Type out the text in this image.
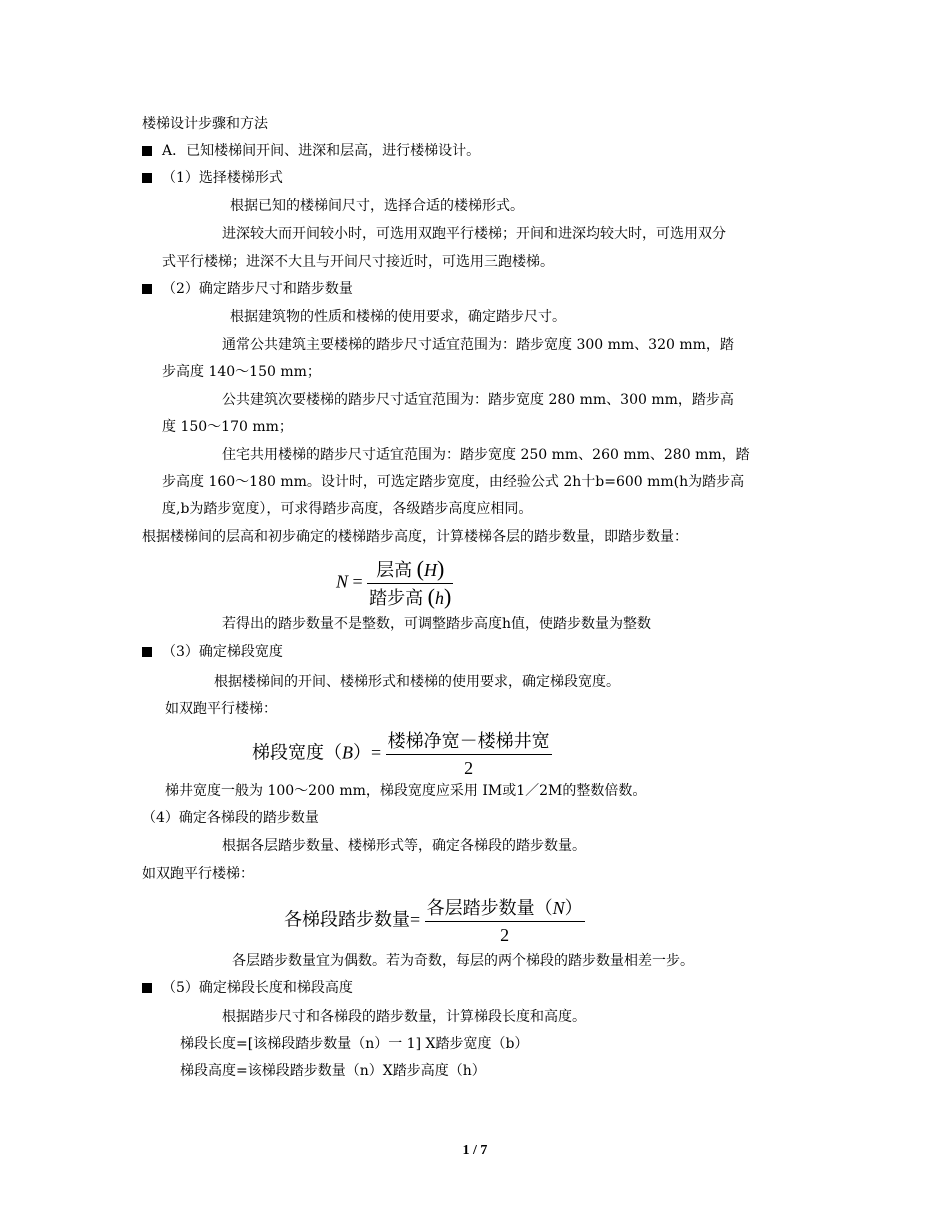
楼梯设计步骤和方法
A．已知楼梯间开间、进深和层高，进行楼梯设计。
（1）选择楼梯形式
根据已知的楼梯间尺寸，选择合适的楼梯形式。
进深较大而开间较小时，可选用双跑平行楼梯；开间和进深均较大时，可选用双分
式平行楼梯；进深不大且与开间尺寸接近时，可选用三跑楼梯。
（2）确定踏步尺寸和踏步数量
根据建筑物的性质和楼梯的使用要求，确定踏步尺寸。
通常公共建筑主要楼梯的踏步尺寸适宜范围为：踏步宽度 300 mm、320 mm，踏
步高度 140～150 mm；
公共建筑次要楼梯的踏步尺寸适宜范围为：踏步宽度 280 mm、300 mm，踏步高
度 150～170 mm；
住宅共用楼梯的踏步尺寸适宜范围为：踏步宽度 250 mm、260 mm、280 mm，踏
步高度 160～180 mm。设计时，可选定踏步宽度，由经验公式 2h十b=600 mm(h为踏步高
度,b为踏步宽度），可求得踏步高度，各级踏步高度应相同。
根据楼梯间的层高和初步确定的楼梯踏步高度，计算楼梯各层的踏步数量，即踏步数量：
$N = \frac{\text{层高 (H)}}{\text{踏步高 (h)}}$
若得出的踏步数量不是整数，可调整踏步高度h值，使踏步数量为整数
（3）确定梯段宽度
根据楼梯间的开间、楼梯形式和楼梯的使用要求，确定梯段宽度。
如双跑平行楼梯：
梯段宽度$(B)= \frac{\text{楼梯净宽－楼梯井宽}}{2}$
梯井宽度一般为 100～200 mm，梯段宽度应采用 IM或1／2M的整数倍数。
（4）确定各梯段的踏步数量
根据各层踏步数量、楼梯形式等，确定各梯段的踏步数量。
如双跑平行楼梯：
各梯段踏步数量= $\frac{\text{各层踏步数量（N）}}{2}$
各层踏步数量宜为偶数。若为奇数，每层的两个梯段的踏步数量相差一步。
（5）确定梯段长度和梯段高度
根据踏步尺寸和各梯段的踏步数量，计算梯段长度和高度。
梯段长度=[该梯段踏步数量（n）一 1] X踏步宽度（b）
梯段高度=该梯段踏步数量（n）X踏步高度（h）
1 / 7
